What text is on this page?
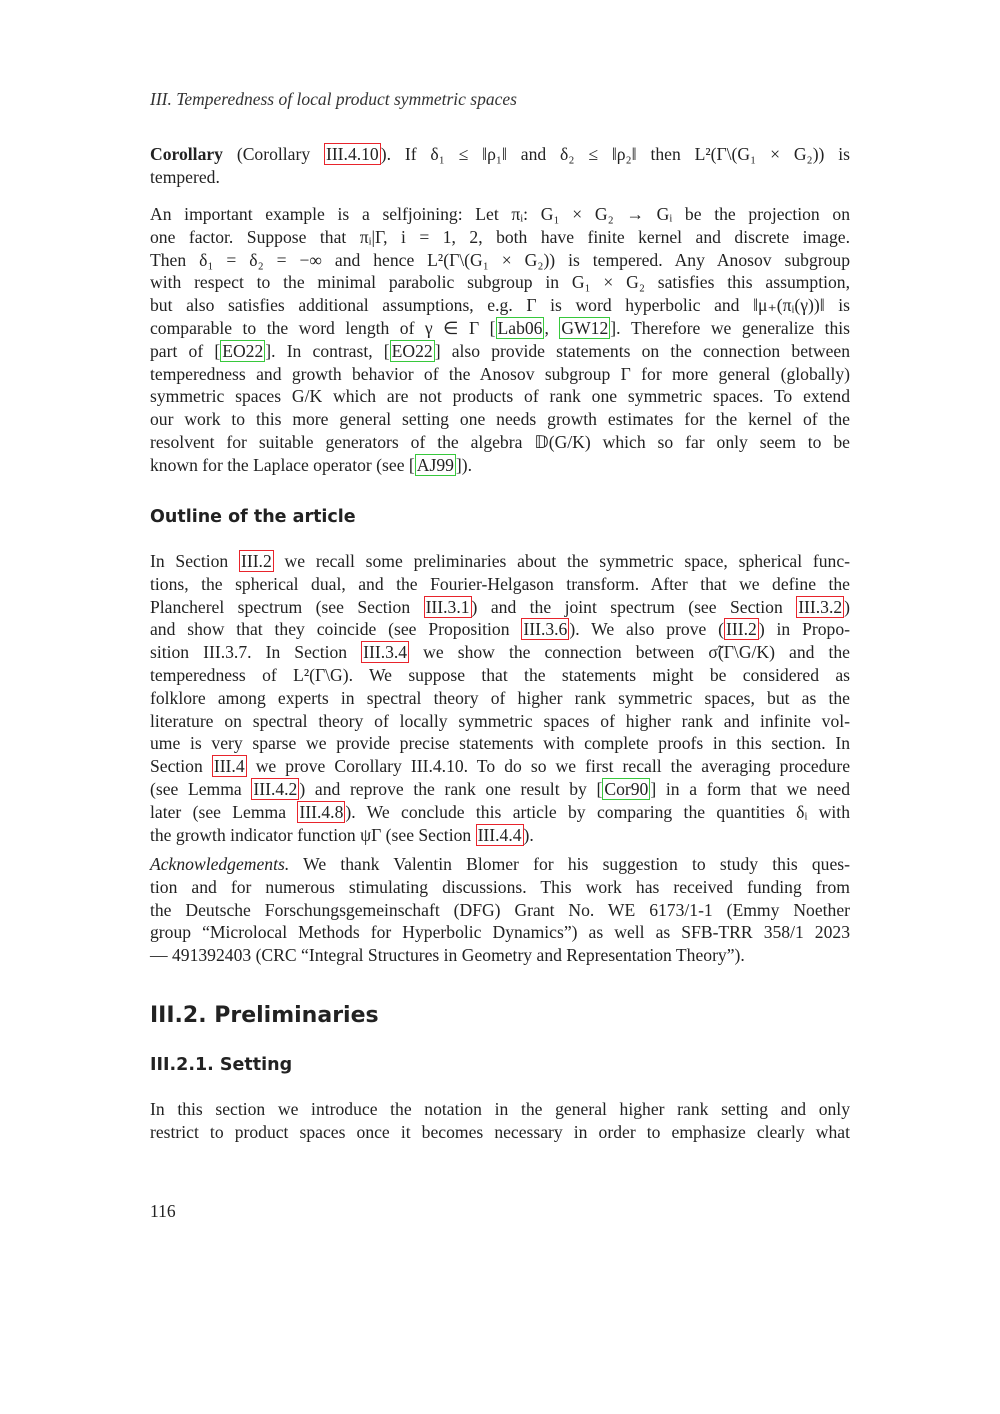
III. Temperedness of local product symmetric spaces

Corollary (Corollary III.4.10 ). If δ₁ ≤ ‖ρ₁‖ and δ₂ ≤ ‖ρ₂‖ then L²(Γ\(G₁ × G₂)) is
tempered.

An important example is a selfjoining: Let πᵢ: G₁ × G₂ → Gᵢ be the projection on
one factor. Suppose that πᵢ|Γ, i = 1, 2, both have finite kernel and discrete image.
Then δ₁ = δ₂ = −∞ and hence L²(Γ\(G₁ × G₂)) is tempered. Any Anosov subgroup
with respect to the minimal parabolic subgroup in G₁ × G₂ satisfies this assumption,
but also satisfies additional assumptions, e.g. Γ is word hyperbolic and ‖μ₊(πᵢ(γ))‖ is
comparable to the word length of γ ∈ Γ [ Lab06 , GW12 ]. Therefore we generalize this
part of [ EO22 ]. In contrast, [ EO22 ] also provide statements on the connection between
temperedness and growth behavior of the Anosov subgroup Γ for more general (globally)
symmetric spaces G/K which are not products of rank one symmetric spaces. To extend
our work to this more general setting one needs growth estimates for the kernel of the
resolvent for suitable generators of the algebra 𝔻(G/K) which so far only seem to be
known for the Laplace operator (see [ AJ99 ]).

Outline of the article

In Section III.2 we recall some preliminaries about the symmetric space, spherical func-
tions, the spherical dual, and the Fourier-Helgason transform. After that we define the
Plancherel spectrum (see Section III.3.1 ) and the joint spectrum (see Section III.3.2 )
and show that they coincide (see Proposition III.3.6 ). We also prove ( III.2 ) in Propo-
sition III.3.7. In Section III.3.4 we show the connection between σ̃(Γ\G/K) and the
temperedness of L²(Γ\G). We suppose that the statements might be considered as
folklore among experts in spectral theory of higher rank symmetric spaces, but as the
literature on spectral theory of locally symmetric spaces of higher rank and infinite vol-
ume is very sparse we provide precise statements with complete proofs in this section. In
Section III.4 we prove Corollary III.4.10. To do so we first recall the averaging procedure
(see Lemma III.4.2 ) and reprove the rank one result by [ Cor90 ] in a form that we need
later (see Lemma III.4.8 ). We conclude this article by comparing the quantities δᵢ with
the growth indicator function ψΓ (see Section III.4.4 ).

Acknowledgements. We thank Valentin Blomer for his suggestion to study this ques-
tion and for numerous stimulating discussions. This work has received funding from
the Deutsche Forschungsgemeinschaft (DFG) Grant No. WE 6173/1-1 (Emmy Noether
group “Microlocal Methods for Hyperbolic Dynamics”) as well as SFB-TRR 358/1 2023
— 491392403 (CRC “Integral Structures in Geometry and Representation Theory”).

III.2. Preliminaries
III.2.1. Setting

In this section we introduce the notation in the general higher rank setting and only
restrict to product spaces once it becomes necessary in order to emphasize clearly what

116
